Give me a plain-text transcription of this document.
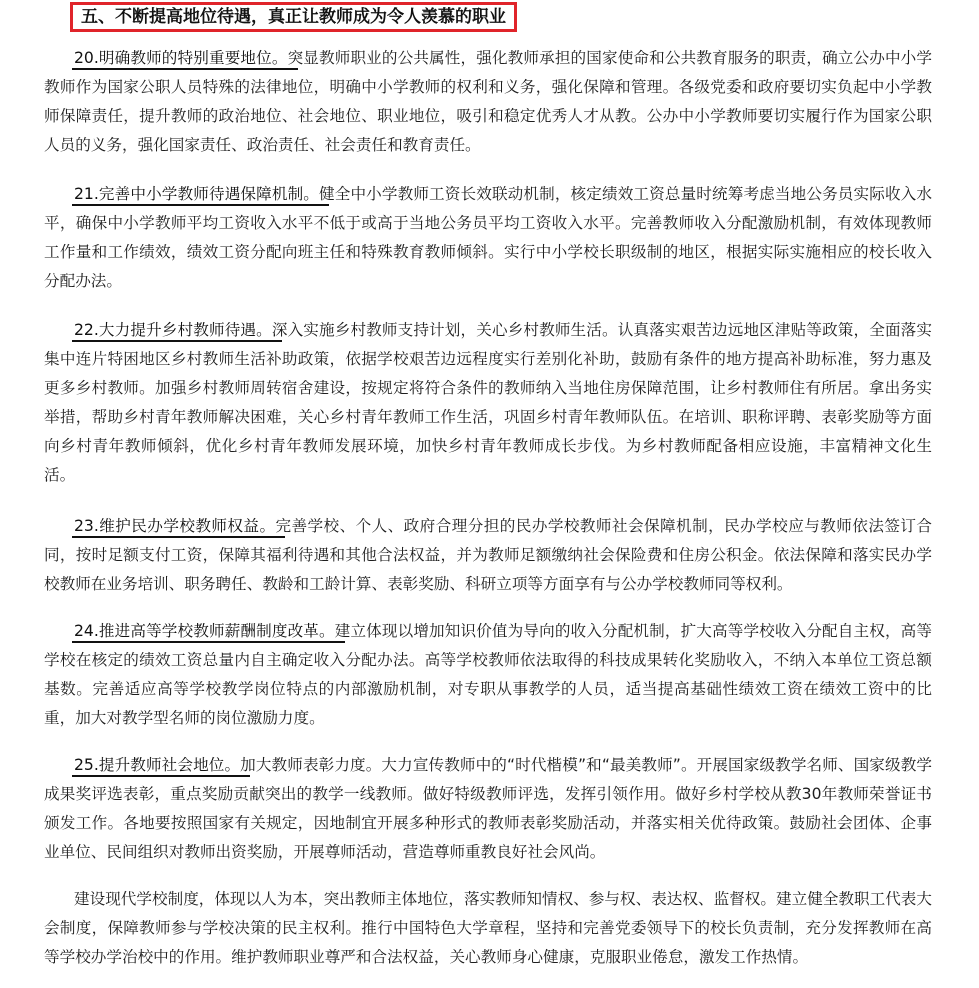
五、不断提高地位待遇，真正让教师成为令人羡慕的职业

20.明确教师的特别重要地位。突显教师职业的公共属性，强化教师承担的国家使命和公共教育服务的职责，确立公办中小学教师作为国家公职人员特殊的法律地位，明确中小学教师的权利和义务，强化保障和管理。各级党委和政府要切实负起中小学教师保障责任，提升教师的政治地位、社会地位、职业地位，吸引和稳定优秀人才从教。公办中小学教师要切实履行作为国家公职人员的义务，强化国家责任、政治责任、社会责任和教育责任。

21.完善中小学教师待遇保障机制。健全中小学教师工资长效联动机制，核定绩效工资总量时统筹考虑当地公务员实际收入水平，确保中小学教师平均工资收入水平不低于或高于当地公务员平均工资收入水平。完善教师收入分配激励机制，有效体现教师工作量和工作绩效，绩效工资分配向班主任和特殊教育教师倾斜。实行中小学校长职级制的地区，根据实际实施相应的校长收入分配办法。

22.大力提升乡村教师待遇。深入实施乡村教师支持计划，关心乡村教师生活。认真落实艰苦边远地区津贴等政策，全面落实集中连片特困地区乡村教师生活补助政策，依据学校艰苦边远程度实行差别化补助，鼓励有条件的地方提高补助标准，努力惠及更多乡村教师。加强乡村教师周转宿舍建设，按规定将符合条件的教师纳入当地住房保障范围，让乡村教师住有所居。拿出务实举措，帮助乡村青年教师解决困难，关心乡村青年教师工作生活，巩固乡村青年教师队伍。在培训、职称评聘、表彰奖励等方面向乡村青年教师倾斜，优化乡村青年教师发展环境，加快乡村青年教师成长步伐。为乡村教师配备相应设施，丰富精神文化生活。

23.维护民办学校教师权益。完善学校、个人、政府合理分担的民办学校教师社会保障机制，民办学校应与教师依法签订合同，按时足额支付工资，保障其福利待遇和其他合法权益，并为教师足额缴纳社会保险费和住房公积金。依法保障和落实民办学校教师在业务培训、职务聘任、教龄和工龄计算、表彰奖励、科研立项等方面享有与公办学校教师同等权利。

24.推进高等学校教师薪酬制度改革。建立体现以增加知识价值为导向的收入分配机制，扩大高等学校收入分配自主权，高等学校在核定的绩效工资总量内自主确定收入分配办法。高等学校教师依法取得的科技成果转化奖励收入，不纳入本单位工资总额基数。完善适应高等学校教学岗位特点的内部激励机制，对专职从事教学的人员，适当提高基础性绩效工资在绩效工资中的比重，加大对教学型名师的岗位激励力度。

25.提升教师社会地位。加大教师表彰力度。大力宣传教师中的“时代楷模”和“最美教师”。开展国家级教学名师、国家级教学成果奖评选表彰，重点奖励贡献突出的教学一线教师。做好特级教师评选，发挥引领作用。做好乡村学校从教30年教师荣誉证书颁发工作。各地要按照国家有关规定，因地制宜开展多种形式的教师表彰奖励活动，并落实相关优待政策。鼓励社会团体、企事业单位、民间组织对教师出资奖励，开展尊师活动，营造尊师重教良好社会风尚。

建设现代学校制度，体现以人为本，突出教师主体地位，落实教师知情权、参与权、表达权、监督权。建立健全教职工代表大会制度，保障教师参与学校决策的民主权利。推行中国特色大学章程，坚持和完善党委领导下的校长负责制，充分发挥教师在高等学校办学治校中的作用。维护教师职业尊严和合法权益，关心教师身心健康，克服职业倦怠，激发工作热情。
